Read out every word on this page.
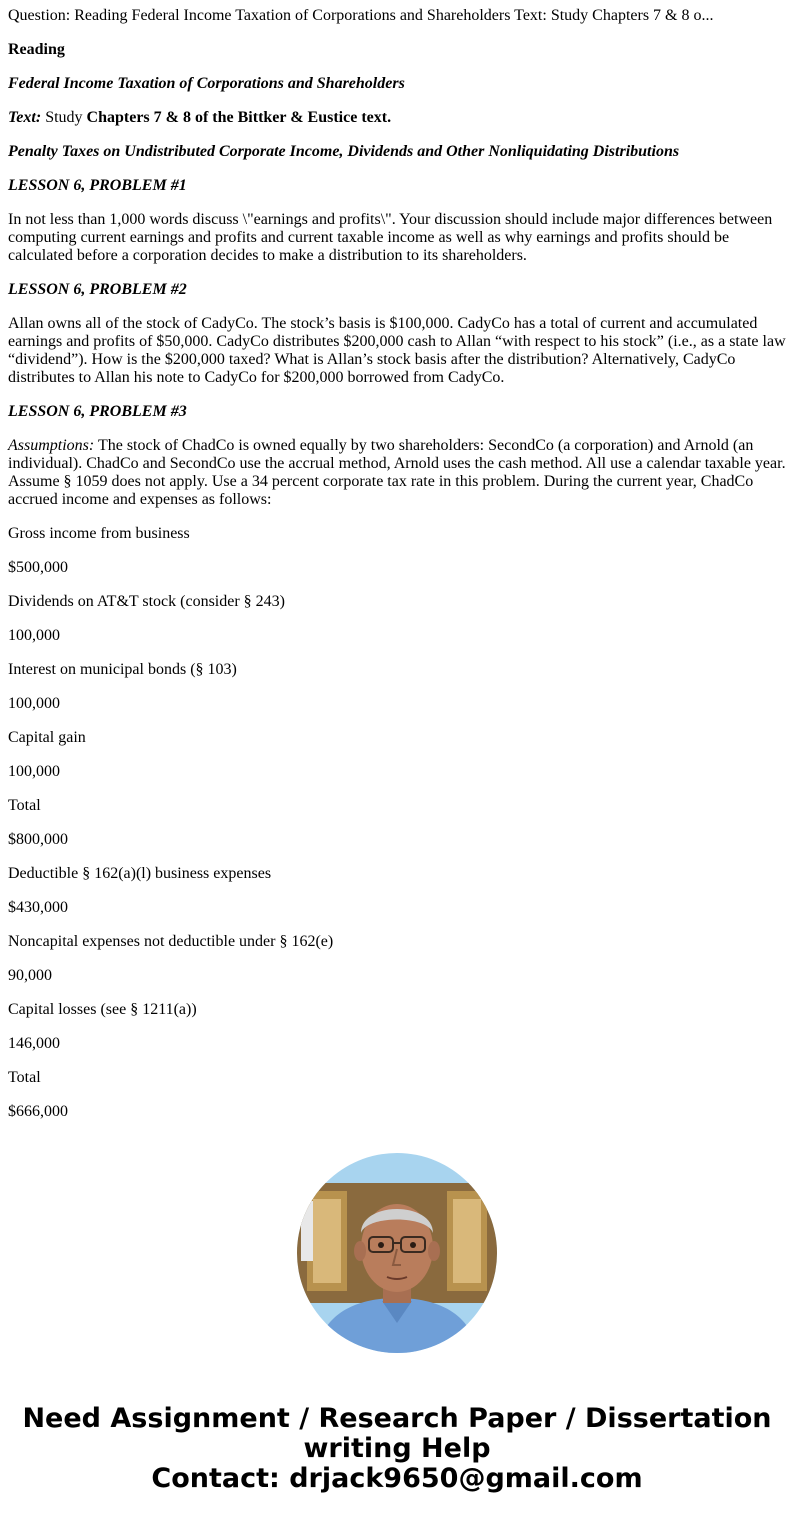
Question: Reading Federal Income Taxation of Corporations and Shareholders Text: Study Chapters 7 & 8 o...

Reading

Federal Income Taxation of Corporations and Shareholders

Text: Study Chapters 7 & 8 of the Bittker & Eustice text.

Penalty Taxes on Undistributed Corporate Income, Dividends and Other Nonliquidating Distributions

LESSON 6, PROBLEM #1

In not less than 1,000 words discuss \"earnings and profits\". Your discussion should include major differences between computing current earnings and profits and current taxable income as well as why earnings and profits should be calculated before a corporation decides to make a distribution to its shareholders.

LESSON 6, PROBLEM #2

Allan owns all of the stock of CadyCo. The stock’s basis is $100,000. CadyCo has a total of current and accumulated earnings and profits of $50,000. CadyCo distributes $200,000 cash to Allan “with respect to his stock” (i.e., as a state law “dividend”). How is the $200,000 taxed? What is Allan’s stock basis after the distribution? Alternatively, CadyCo distributes to Allan his note to CadyCo for $200,000 borrowed from CadyCo.

LESSON 6, PROBLEM #3

Assumptions: The stock of ChadCo is owned equally by two shareholders: SecondCo (a corporation) and Arnold (an individual). ChadCo and SecondCo use the accrual method, Arnold uses the cash method. All use a calendar taxable year. Assume § 1059 does not apply. Use a 34 percent corporate tax rate in this problem. During the current year, ChadCo accrued income and expenses as follows:

Gross income from business

$500,000

Dividends on AT&T stock (consider § 243)

100,000

Interest on municipal bonds (§ 103)

100,000

Capital gain

100,000

Total

$800,000

Deductible § 162(a)(l) business expenses

$430,000

Noncapital expenses not deductible under § 162(e)

90,000

Capital losses (see § 1211(a))

146,000

Total

$666,000

Need Assignment / Research Paper / Dissertation
writing Help
Contact: drjack9650@gmail.com
